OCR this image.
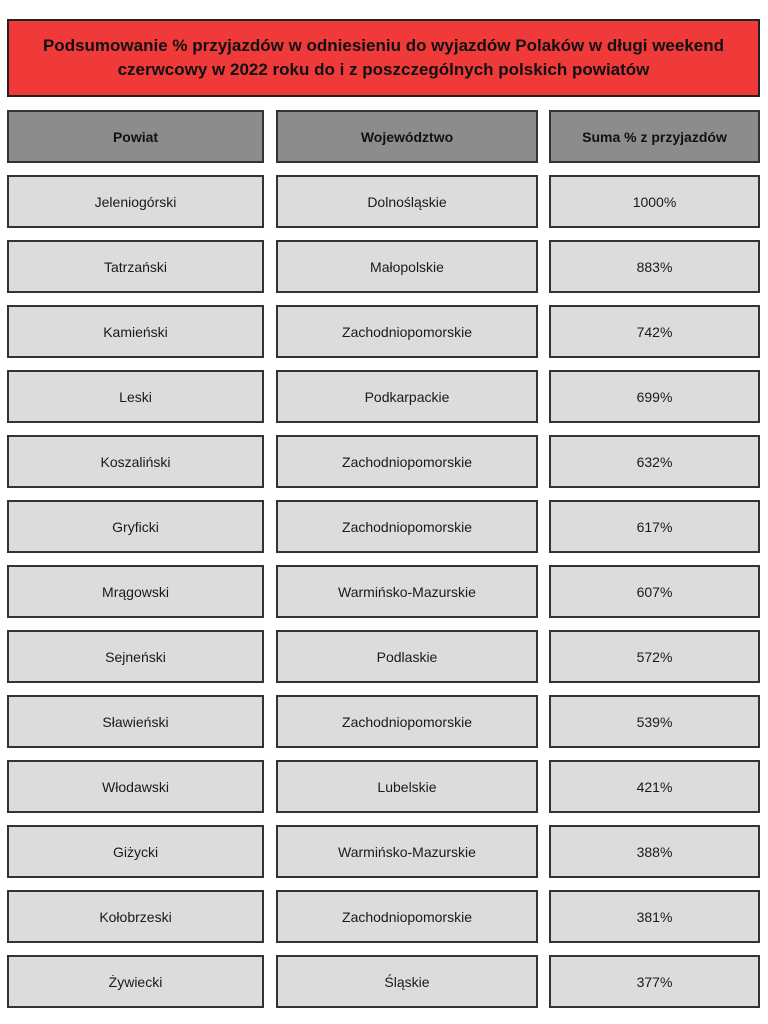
Podsumowanie % przyjazdów w odniesieniu do wyjazdów Polaków w długi weekend czerwcowy w 2022 roku do i z poszczególnych polskich powiatów
Powiat	Województwo	Suma % z przyjazdów
Jeleniogórski	Dolnośląskie	1000%
Tatrzański	Małopolskie	883%
Kamieński	Zachodniopomorskie	742%
Leski	Podkarpackie	699%
Koszaliński	Zachodniopomorskie	632%
Gryficki	Zachodniopomorskie	617%
Mrągowski	Warmińsko-Mazurskie	607%
Sejneński	Podlaskie	572%
Sławieński	Zachodniopomorskie	539%
Włodawski	Lubelskie	421%
Giżycki	Warmińsko-Mazurskie	388%
Kołobrzeski	Zachodniopomorskie	381%
Żywiecki	Śląskie	377%
